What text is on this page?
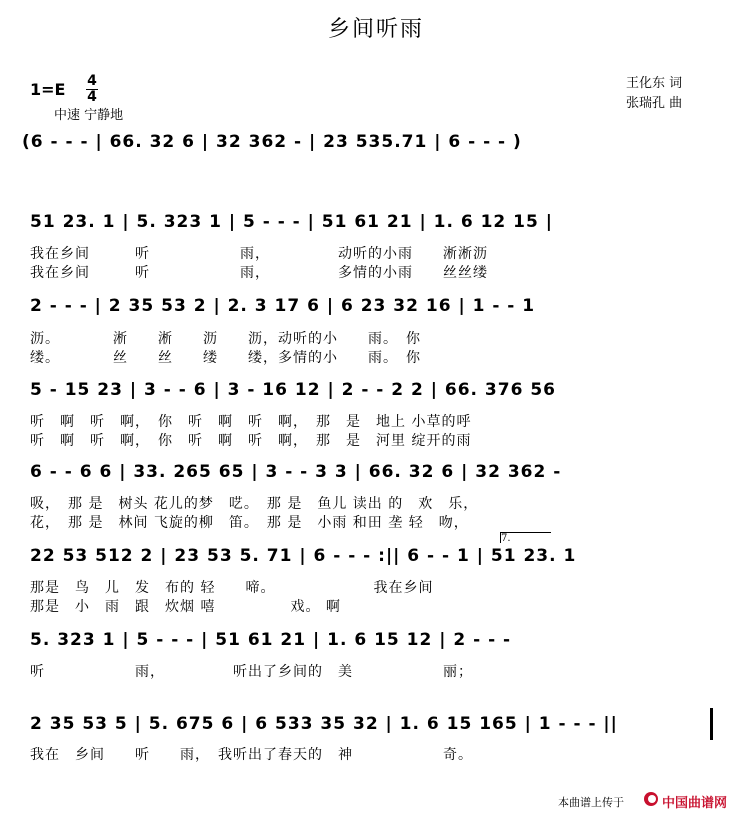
乡间听雨
1=E 4
4
中速 宁静地
王化东 词
张瑞孔 曲
(6 - - - | 66. 32 6 | 32 362 - | 23 535.71 | 6 - - - )
51 23. 1 | 5. 323 1 | 5 - - - | 51 61 21 | 1. 6 12 15 |
我在乡间　　　听　　　　　　雨，　　　　　动听的小雨　　淅淅沥
我在乡间　　　听　　　　　　雨，　　　　　多情的小雨　　丝丝缕
2 - - - | 2 35 53 2 | 2. 3 17 6 | 6 23 32 16 | 1 - - 1
沥。　　　　淅　　淅　　沥　　沥，动听的小　　雨。　你
缕。　　　　丝　　丝　　缕　　缕，多情的小　　雨。　你
5 - 15 23 | 3 - - 6 | 3 - 16 12 | 2 - - 2 2 | 66. 376 56
听　啊　听　啊，　你　听　啊　听　啊，　那　是　地上 小草的呼
听　啊　听　啊，　你　听　啊　听　啊，　那　是　河里 绽开的雨
6 - - 6 6 | 33. 265 65 | 3 - - 3 3 | 66. 32 6 | 32 362 -
吸，　那 是　树头 花儿的梦　呓。　那 是　鱼儿 读出 的　欢　乐，
花，　那 是　林间 飞旋的柳　笛。　那 是　小雨 和田 垄 轻　吻，
7.
22 53 512 2 | 23 53 5. 71 | 6 - - - :|| 6 - - 1 | 51 23. 1
那是　鸟　儿　发　布的 轻　　啼。　　　　　　　我在乡间
那是　小　雨　跟　炊烟 嘻　　　　　戏。 啊
5. 323 1 | 5 - - - | 51 61 21 | 1. 6 15 12 | 2 - - -
听　　　　　　雨，　　　　　听出了乡间的　美　　　　　　丽；
2 35 53 5 | 5. 675 6 | 6 533 35 32 | 1. 6 15 165 | 1 - - - ||
我在　乡间　　听　　雨，　我听出了春天的　神　　　　　　奇。
本曲谱上传于	中国曲谱网
